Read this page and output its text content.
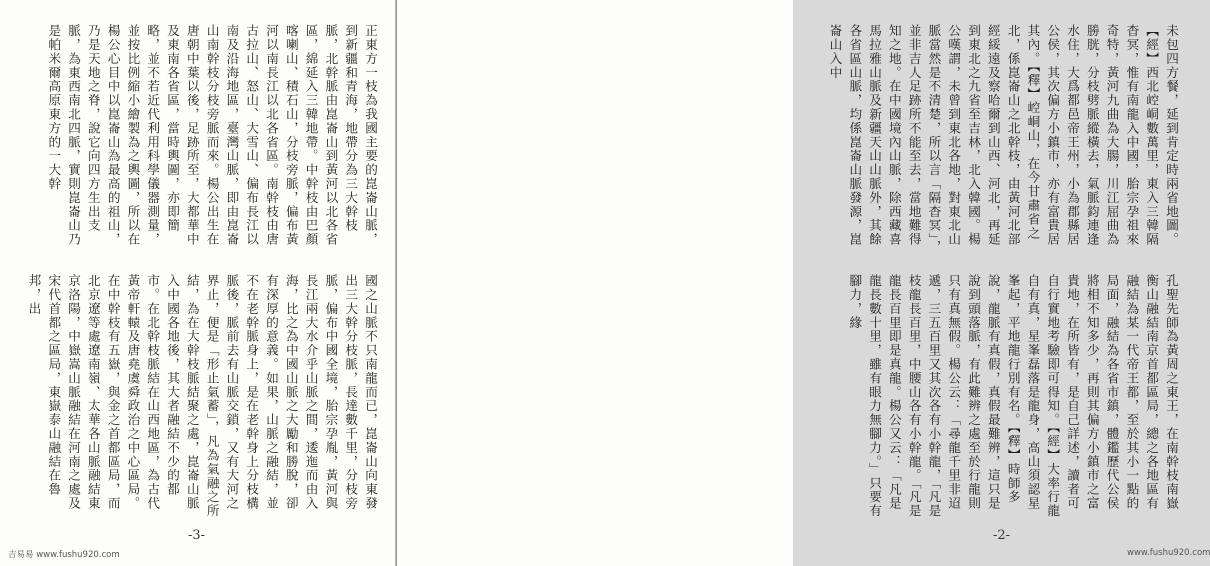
正東方一枝為我國主要的崑崙山脈，到新疆和青海，地帶分為三大幹枝脈，北幹脈由崑崙山到黃河以北各省區，綿延入三韓地帶。中幹枝由巴顏喀喇山、積石山，分枝旁脈，偏布黃河以南長江以北各省區。南幹枝由唐古拉山、怒山、大雪山、偏布長江以南及沿海地區，臺灣山脈，即由崑崙山南幹枝分枝旁脈而來。楊公出生在唐朝中葉以後，足跡所至，大都華中及東南各省區，當時輿圖，亦即簡略，並不若近代利用科學儀器測量，並按比例縮小繪製為之輿圖，所以在楊公心目中以崑崙山為最高的祖山，乃是天地之脊，說它向四方生出支脈，為東西南北四脈，實則崑崙山乃是帕米爾高原東方的一大幹
國之山脈不只南龍而已，崑崙山向東發出三大幹分枝脈，長達數千里，分枝旁脈，偏布中國全境，胎宗孕胤，黃河與長江兩大水介乎山脈之間，逶迤而由入海，比之為中國山脈之大勵和勝脫，卻有深厚的意義。如果，山脈之融結，並不在老幹脈身上，是在老幹身上分枝構脈後，脈前去有山脈交鎖，又有大河之界止，便是「形止氣蓄」，凡為氣融之所結，為在大幹枝脈結聚之處，崑崙山脈入中國各地後，其大者融結不少的都市。在北幹枝脈結在山西地區，為古代黃帝軒轅及唐堯虞舜政治之中心區局。在中幹枝有五嶽，與金之首都區局，而北京遼等處遼南嶺、太華各山脈融結東京洛陽，中嶽嵩山脈融結在河南之處及宋代首都之區局，東嶽泰山融結在魯邦，出
-3-
吉易易 www.fushu920.com
未包四方餐，延到肯定時兩省地圖。【經】西北崆峒數萬里，東入三韓隔杳冥，惟有南龍入中國，胎宗孕祖來奇特，黃河九曲為大腸，川江屈曲為勝胱，分枝劈脈縱橫去，氣脈鈞連逢水住，大爲都邑帝王州，小為郡縣居公侯，其次偏方小鎮市，亦有富貴居其內。【釋】崆峒山，在今甘肅省之北，係崑崙山之北幹枝，由黃河北部經綏遠及察哈爾到山西、河北，再延到東北之九省至吉林，北入韓國。楊公嘆謂，未曾到東北各地，對東北山脈當然是不清楚，所以言「隔杳冥」，並非吉人足跡所不能至去，當地難得知之地。在中國境內山脈，除西藏喜馬拉雅山脈及新疆天山山脈外，其餘各省區山脈，均係崑崙山脈發源，崑崙山入中
孔聖先師為黃周之東王，在南幹枝南嶽衡山融結南京首都區局，總之各地區有融結為某一代帝王都，至於其小一點的局面，融結為各省市鎮，體鑑歷代公侯將相不知多少，再則其偏方小鎮市之富貴地，在所皆有，是自己詳述，讀者可自行實地考驗即可得知。【經】大率行龍自有真，星峯磊落是龍身，高山須認星峯起，平地龍行別有名。【釋】時師多說，龍脈有真假，真假最難辨，這只是說到頭落脈，有此難辨之處至於行龍則只有真無假。楊公云：「尋龍千里非迢遞，三五百里又其次各有小幹龍，「凡是枝龍長百里，中腰山各有小幹龍。「凡是龍長百里即是真龍。楊公又云：「凡是龍長數十里，雖有眼力無腳力。」只要有腳力，緣
-2-
www.fushu920.com
